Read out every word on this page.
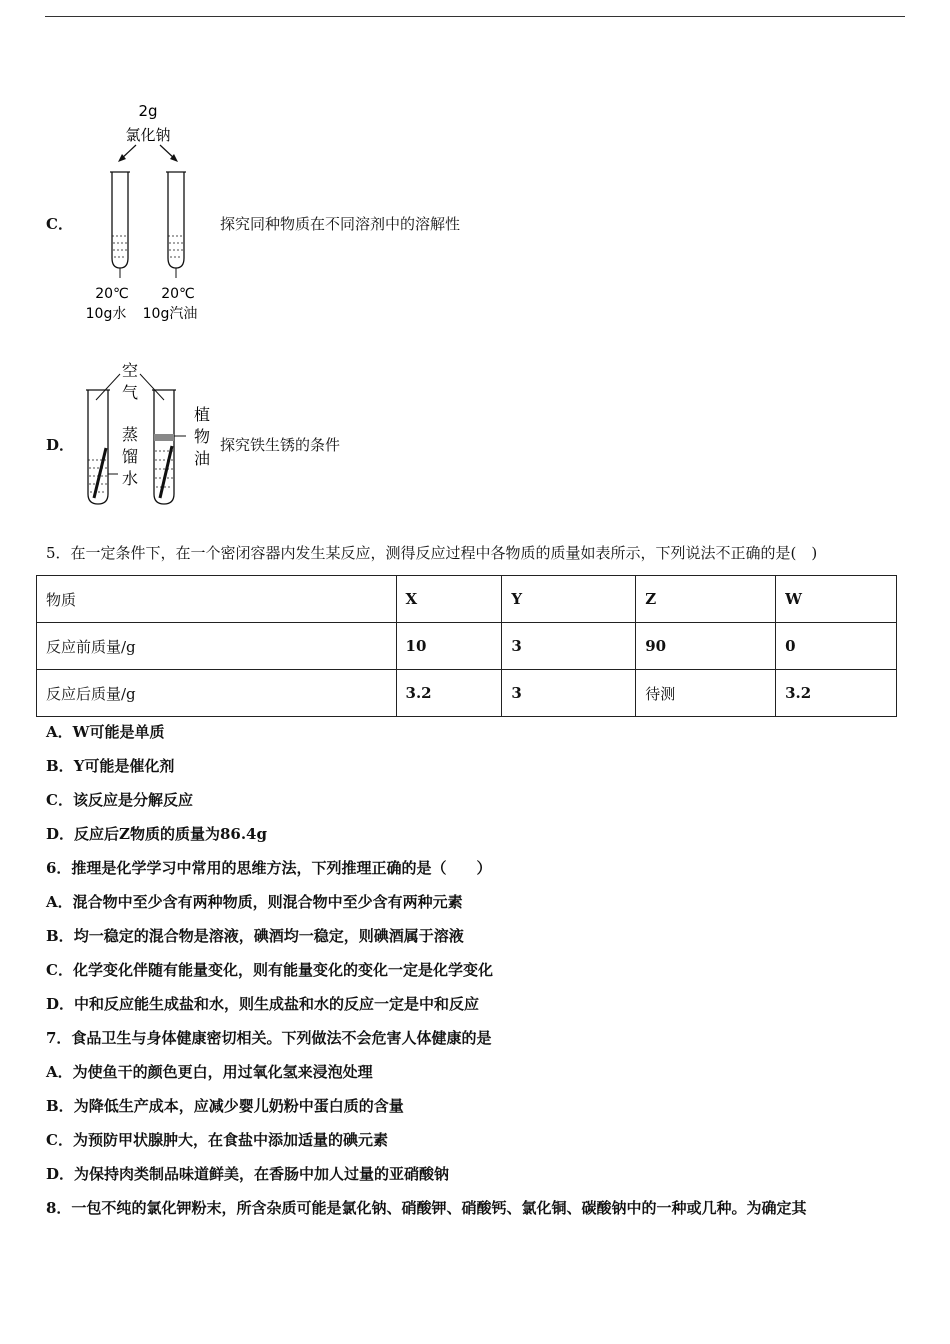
C．
2g
氯化钠
20℃
10g水
20℃
10g汽油
探究同种物质在不同溶剂中的溶解性
D．
空
气
蒸
馏
水
植
物
油
探究铁生锈的条件
5．在一定条件下，在一个密闭容器内发生某反应，测得反应过程中各物质的质量如表所示，下列说法不正确的是(　)
物质	X	Y	Z	W
反应前质量/g	10	3	90	0
反应后质量/g	3.2	3	待测	3.2
A．W可能是单质
B．Y可能是催化剂
C．该反应是分解反应
D．反应后Z物质的质量为86.4g
6．推理是化学学习中常用的思维方法，下列推理正确的是（　　）
A．混合物中至少含有两种物质，则混合物中至少含有两种元素
B．均一稳定的混合物是溶液，碘酒均一稳定，则碘酒属于溶液
C．化学变化伴随有能量变化，则有能量变化的变化一定是化学变化
D．中和反应能生成盐和水，则生成盐和水的反应一定是中和反应
7．食品卫生与身体健康密切相关。下列做法不会危害人体健康的是
A．为使鱼干的颜色更白，用过氧化氢来浸泡处理
B．为降低生产成本，应减少婴儿奶粉中蛋白质的含量
C．为预防甲状腺肿大，在食盐中添加适量的碘元素
D．为保持肉类制品味道鲜美，在香肠中加人过量的亚硝酸钠
8．一包不纯的氯化钾粉末，所含杂质可能是氯化钠、硝酸钾、硝酸钙、氯化铜、碳酸钠中的一种或几种。为确定其
